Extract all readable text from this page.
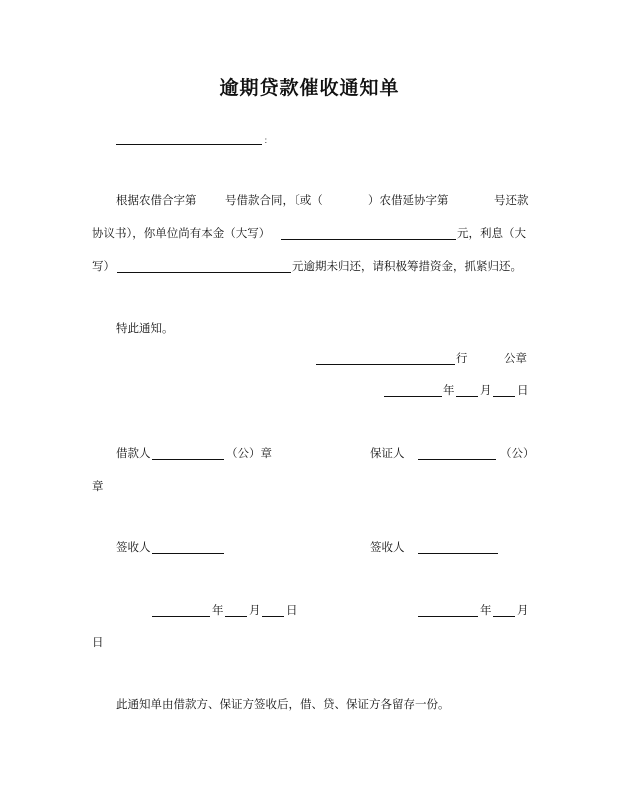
逾期贷款催收通知单
：
根据农借合字第 号借款合同，〔或（	）农借延协字第	号还款
协议书），你单位尚有本金（大写）	元，利息（大
写）	元逾期未归还，请积极筹措资金，抓紧归还。
特此通知。
行	公章
年 月 日
借款人	（公）章	保证人	（公）
章
签收人	签收人
年 月 日	年 月
日
此通知单由借款方、保证方签收后，借、贷、保证方各留存一份。
